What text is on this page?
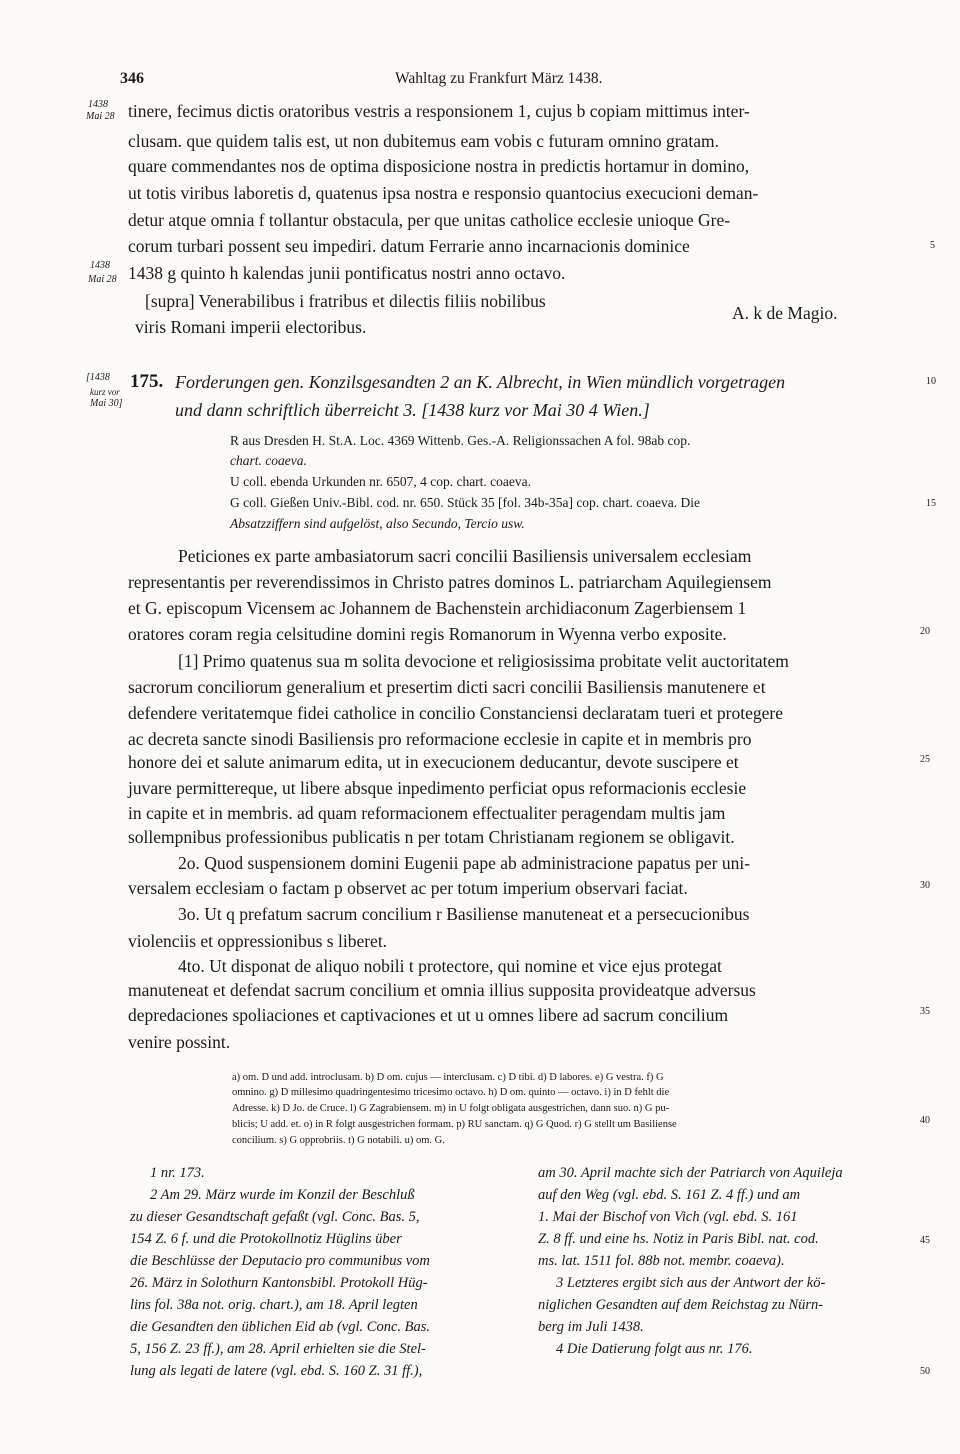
346	Wahltag zu Frankfurt März 1438.
1438
Mai 28
1438
Mai 28
[1438
kurz vor
Mai 30]
5
10
15
20
25
30
35
40
45
50
tinere, fecimus dictis oratoribus vestris a responsionem 1, cujus b copiam mittimus inter-
clusam. que quidem talis est, ut non dubitemus eam vobis c futuram omnino gratam.
quare commendantes nos de optima disposicione nostra in predictis hortamur in domino,
ut totis viribus laboretis d, quatenus ipsa nostra e responsio quantocius execucioni deman-
detur atque omnia f tollantur obstacula, per que unitas catholice ecclesie unioque Gre-
corum turbari possent seu impediri. datum Ferrarie anno incarnacionis dominice
1438 g quinto h kalendas junii pontificatus nostri anno octavo.
[supra] Venerabilibus i fratribus et dilectis filiis nobilibus
viris Romani imperii electoribus.
A. k de Magio.
175. Forderungen gen. Konzilsgesandten 2 an K. Albrecht, in Wien mündlich vorgetragen
und dann schriftlich überreicht 3. [1438 kurz vor Mai 30 4 Wien.]
R aus Dresden H. St.A. Loc. 4369 Wittenb. Ges.-A. Religionssachen A fol. 98ab cop.
chart. coaeva.
U coll. ebenda Urkunden nr. 6507, 4 cop. chart. coaeva.
G coll. Gießen Univ.-Bibl. cod. nr. 650. Stück 35 [fol. 34b-35a] cop. chart. coaeva. Die
Absatzziffern sind aufgelöst, also Secundo, Tercio usw.
Peticiones ex parte ambasiatorum sacri concilii Basiliensis universalem ecclesiam
representantis per reverendissimos in Christo patres dominos L. patriarcham Aquilegiensem
et G. episcopum Vicensem ac Johannem de Bachenstein archidiaconum Zagerbiensem 1
oratores coram regia celsitudine domini regis Romanorum in Wyenna verbo exposite.
[1] Primo quatenus sua m solita devocione et religiosissima probitate velit auctoritatem
sacrorum conciliorum generalium et presertim dicti sacri concilii Basiliensis manutenere et
defendere veritatemque fidei catholice in concilio Constanciensi declaratam tueri et protegere
ac decreta sancte sinodi Basiliensis pro reformacione ecclesie in capite et in membris pro
honore dei et salute animarum edita, ut in execucionem deducantur, devote suscipere et
juvare permittereque, ut libere absque inpedimento perficiat opus reformacionis ecclesie
in capite et in membris. ad quam reformacionem effectualiter peragendam multis jam
sollempnibus professionibus publicatis n per totam Christianam regionem se obligavit.
2o. Quod suspensionem domini Eugenii pape ab administracione papatus per uni-
versalem ecclesiam o factam p observet ac per totum imperium observari faciat.
3o. Ut q prefatum sacrum concilium r Basiliense manuteneat et a persecucionibus
violenciis et oppressionibus s liberet.
4to. Ut disponat de aliquo nobili t protectore, qui nomine et vice ejus protegat
manuteneat et defendat sacrum concilium et omnia illius supposita provideatque adversus
depredaciones spoliaciones et captivaciones et ut u omnes libere ad sacrum concilium
venire possint.
a) om. D und add. introclusam. b) D om. cujus — interclusam. c) D tibi. d) D labores. e) G vestra. f) G
omnino. g) D millesimo quadringentesimo tricesimo octavo. h) D om. quinto — octavo. i) in D fehlt die
Adresse. k) D Jo. de Cruce. l) G Zagrabiensem. m) in U folgt obligata ausgestrichen, dann suo. n) G pu-
blicis; U add. et. o) in R folgt ausgestrichen formam. p) RU sanctam. q) G Quod. r) G stellt um Basiliense
concilium. s) G opprobriis. t) G notabili. u) om. G.
1 nr. 173.
2 Am 29. März wurde im Konzil der Beschluß
zu dieser Gesandtschaft gefaßt (vgl. Conc. Bas. 5,
154 Z. 6 f. und die Protokollnotiz Hüglins über
die Beschlüsse der Deputacio pro communibus vom
26. März in Solothurn Kantonsbibl. Protokoll Hüg-
lins fol. 38a not. orig. chart.), am 18. April legten
die Gesandten den üblichen Eid ab (vgl. Conc. Bas.
5, 156 Z. 23 ff.), am 28. April erhielten sie die Stel-
lung als legati de latere (vgl. ebd. S. 160 Z. 31 ff.),
am 30. April machte sich der Patriarch von Aquileja
auf den Weg (vgl. ebd. S. 161 Z. 4 ff.) und am
1. Mai der Bischof von Vich (vgl. ebd. S. 161
Z. 8 ff. und eine hs. Notiz in Paris Bibl. nat. cod.
ms. lat. 1511 fol. 88b not. membr. coaeva).
3 Letzteres ergibt sich aus der Antwort der kö-
niglichen Gesandten auf dem Reichstag zu Nürn-
berg im Juli 1438.
4 Die Datierung folgt aus nr. 176.
